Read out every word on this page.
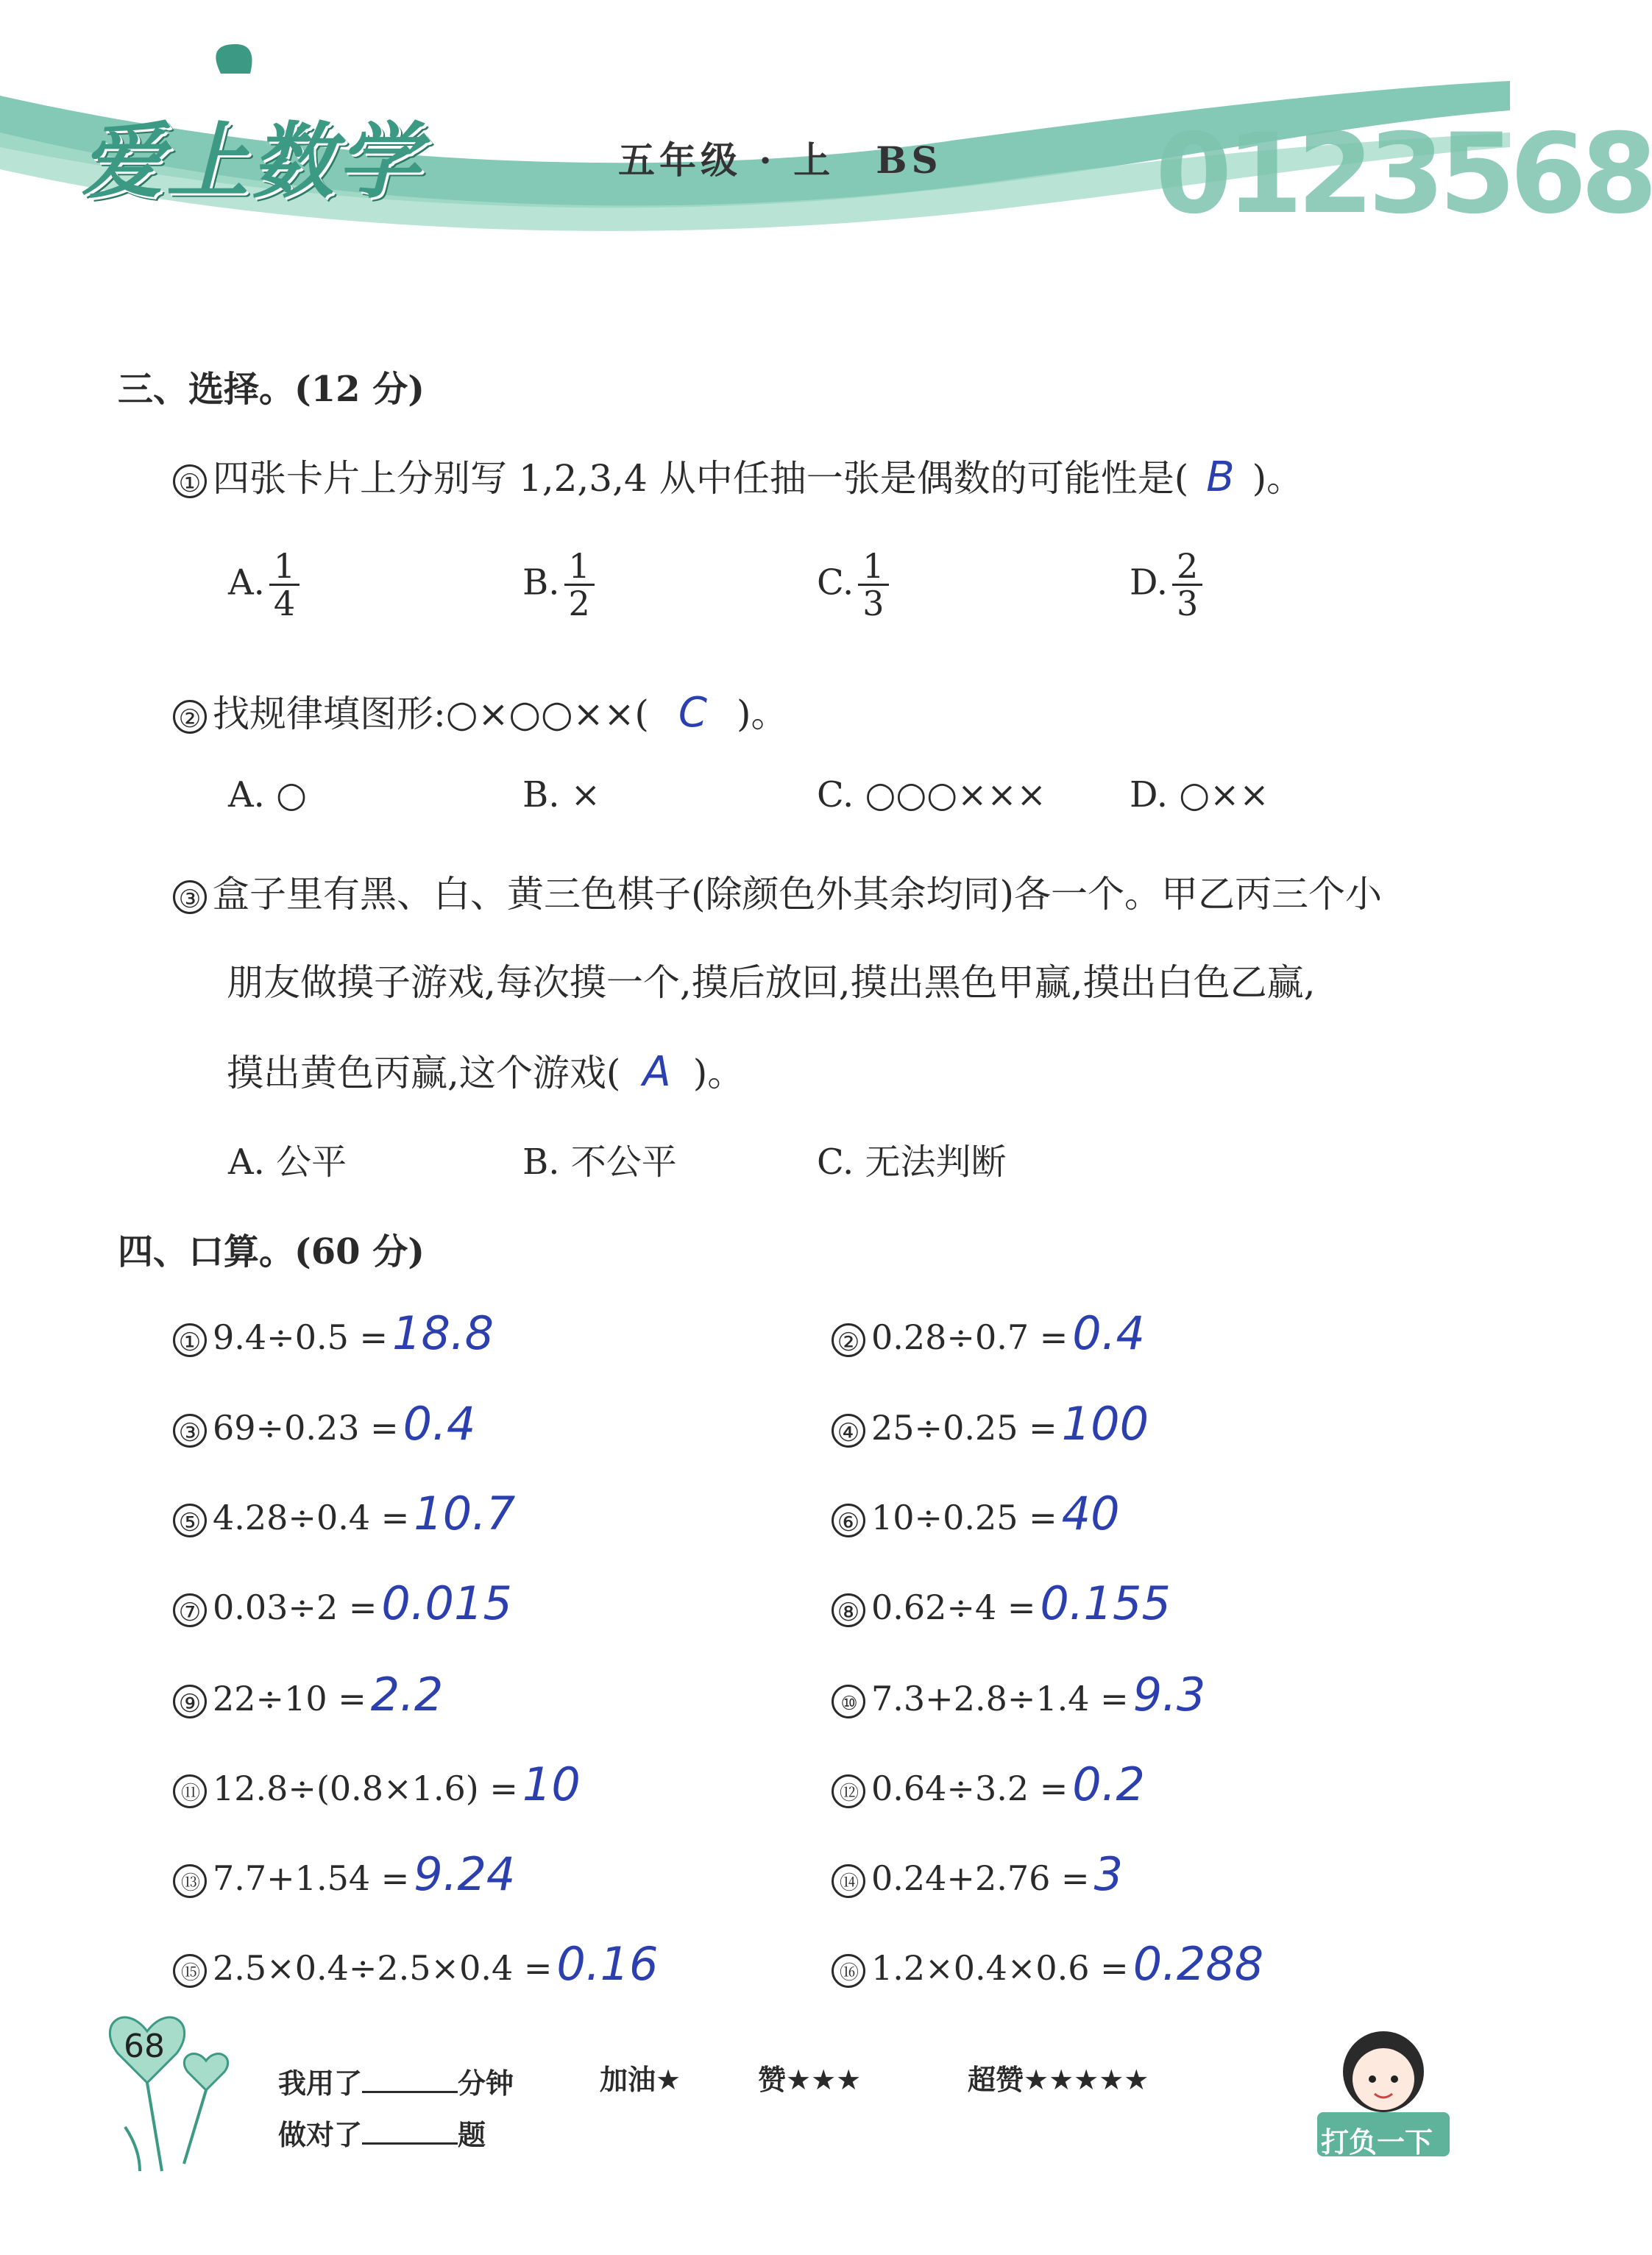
爱上数学	五年级 · 上　BS 0123568
三、选择。(12 分)
① 四张卡片上分别写 1,2,3,4 从中任抽一张是偶数的可能性是( B )。
A. $\frac{1}{4}$	B. $\frac{1}{2}$	C. $\frac{1}{3}$	D. $\frac{2}{3}$
② 找规律填图形:○×○○××( C )。
A. ○	B. ×	C. ○○○××× D. ○××
③ 盒子里有黑、白、黄三色棋子(除颜色外其余均同)各一个。甲乙丙三个小
朋友做摸子游戏,每次摸一个,摸后放回,摸出黑色甲赢,摸出白色乙赢,
摸出黄色丙赢,这个游戏( A )。
A. 公平	B. 不公平	C. 无法判断
四、口算。(60 分)
① 9.4÷0.5 =18.8	② 0.28÷0.7 =0.4
③ 69÷0.23 =0.4	④ 25÷0.25 =100
⑤ 4.28÷0.4 =10.7	⑥ 10÷0.25 =40
⑦ 0.03÷2 =0.015	⑧ 0.62÷4 =0.155
⑨ 22÷10 =2.2	⑩ 7.3+2.8÷1.4 =9.3
⑪ 12.8÷(0.8×1.6) =10	⑫ 0.64÷3.2 =0.2
⑬ 7.7+1.54 =9.24	⑭ 0.24+2.76 =3
⑮ 2.5×0.4÷2.5×0.4 =0.16	⑯ 1.2×0.4×0.6 =0.288
68
我用了	分钟
做对了	题
加油★	赞★★★	超赞★★★★★
打负一下
